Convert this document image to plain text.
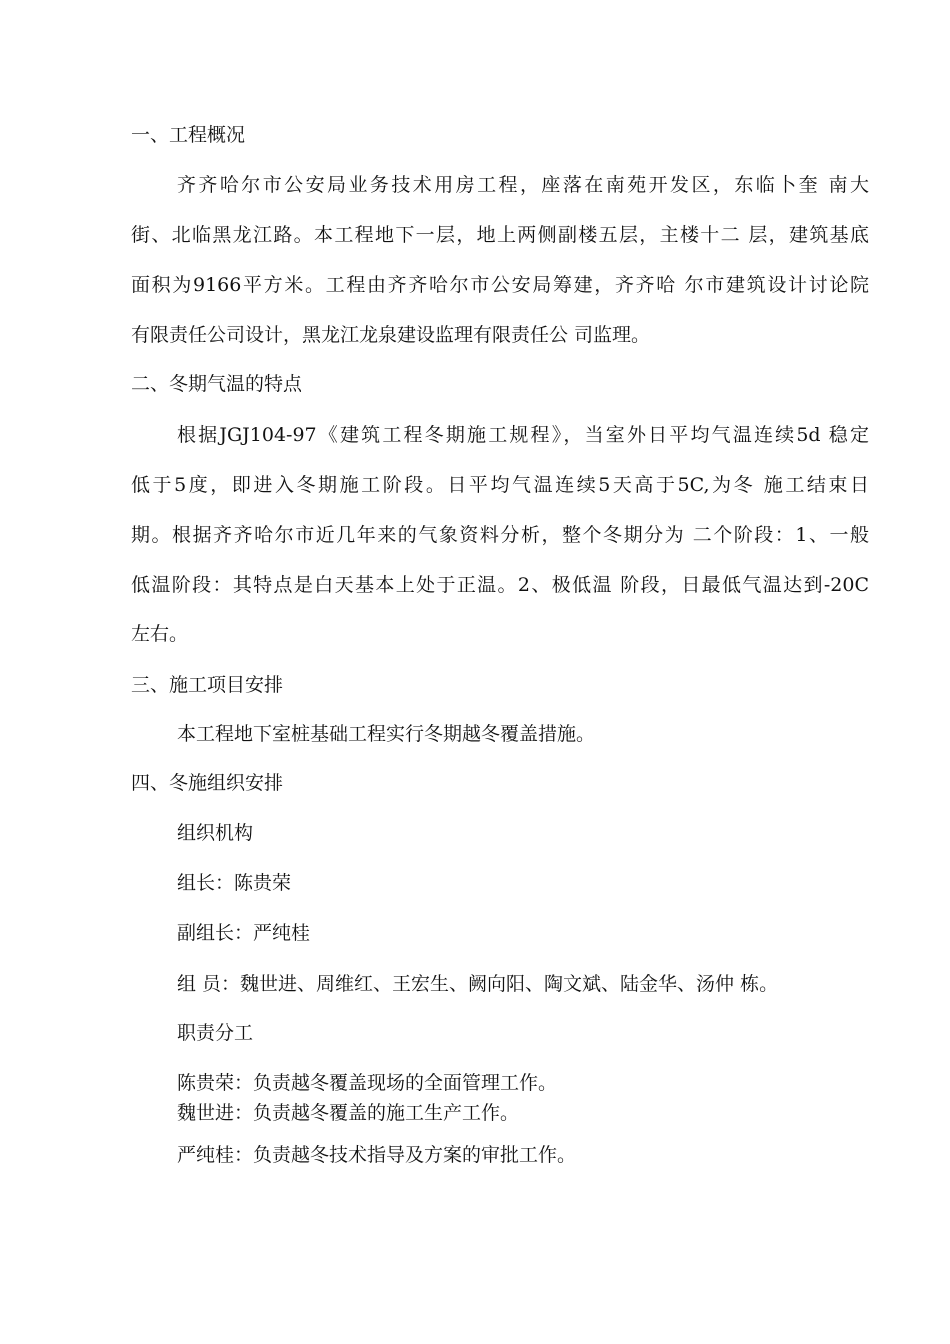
一、工程概况
齐齐哈尔市公安局业务技术用房工程，座落在南苑开发区，东临卜奎 南大
街、北临黑龙江路。本工程地下一层，地上两侧副楼五层，主楼十二 层，建筑基底
面积为9166平方米。工程由齐齐哈尔市公安局筹建，齐齐哈 尔市建筑设计讨论院
有限责任公司设计，黑龙江龙泉建设监理有限责任公 司监理。
二、冬期气温的特点
根据JGJ104-97《建筑工程冬期施工规程》，当室外日平均气温连续5d 稳定
低于5度，即进入冬期施工阶段。日平均气温连续5天高于5C,为冬 施工结束日
期。根据齐齐哈尔市近几年来的气象资料分析，整个冬期分为 二个阶段：1、一般
低温阶段：其特点是白天基本上处于正温。2、极低温 阶段，日最低气温达到-20C
左右。
三、施工项目安排
本工程地下室桩基础工程实行冬期越冬覆盖措施。
四、冬施组织安排
组织机构
组长：陈贵荣
副组长：严纯桂
组 员：魏世进、周维红、王宏生、阙向阳、陶文斌、陆金华、汤仲 栋。
职责分工
陈贵荣：负责越冬覆盖现场的全面管理工作。
魏世进：负责越冬覆盖的施工生产工作。
严纯桂：负责越冬技术指导及方案的审批工作。
